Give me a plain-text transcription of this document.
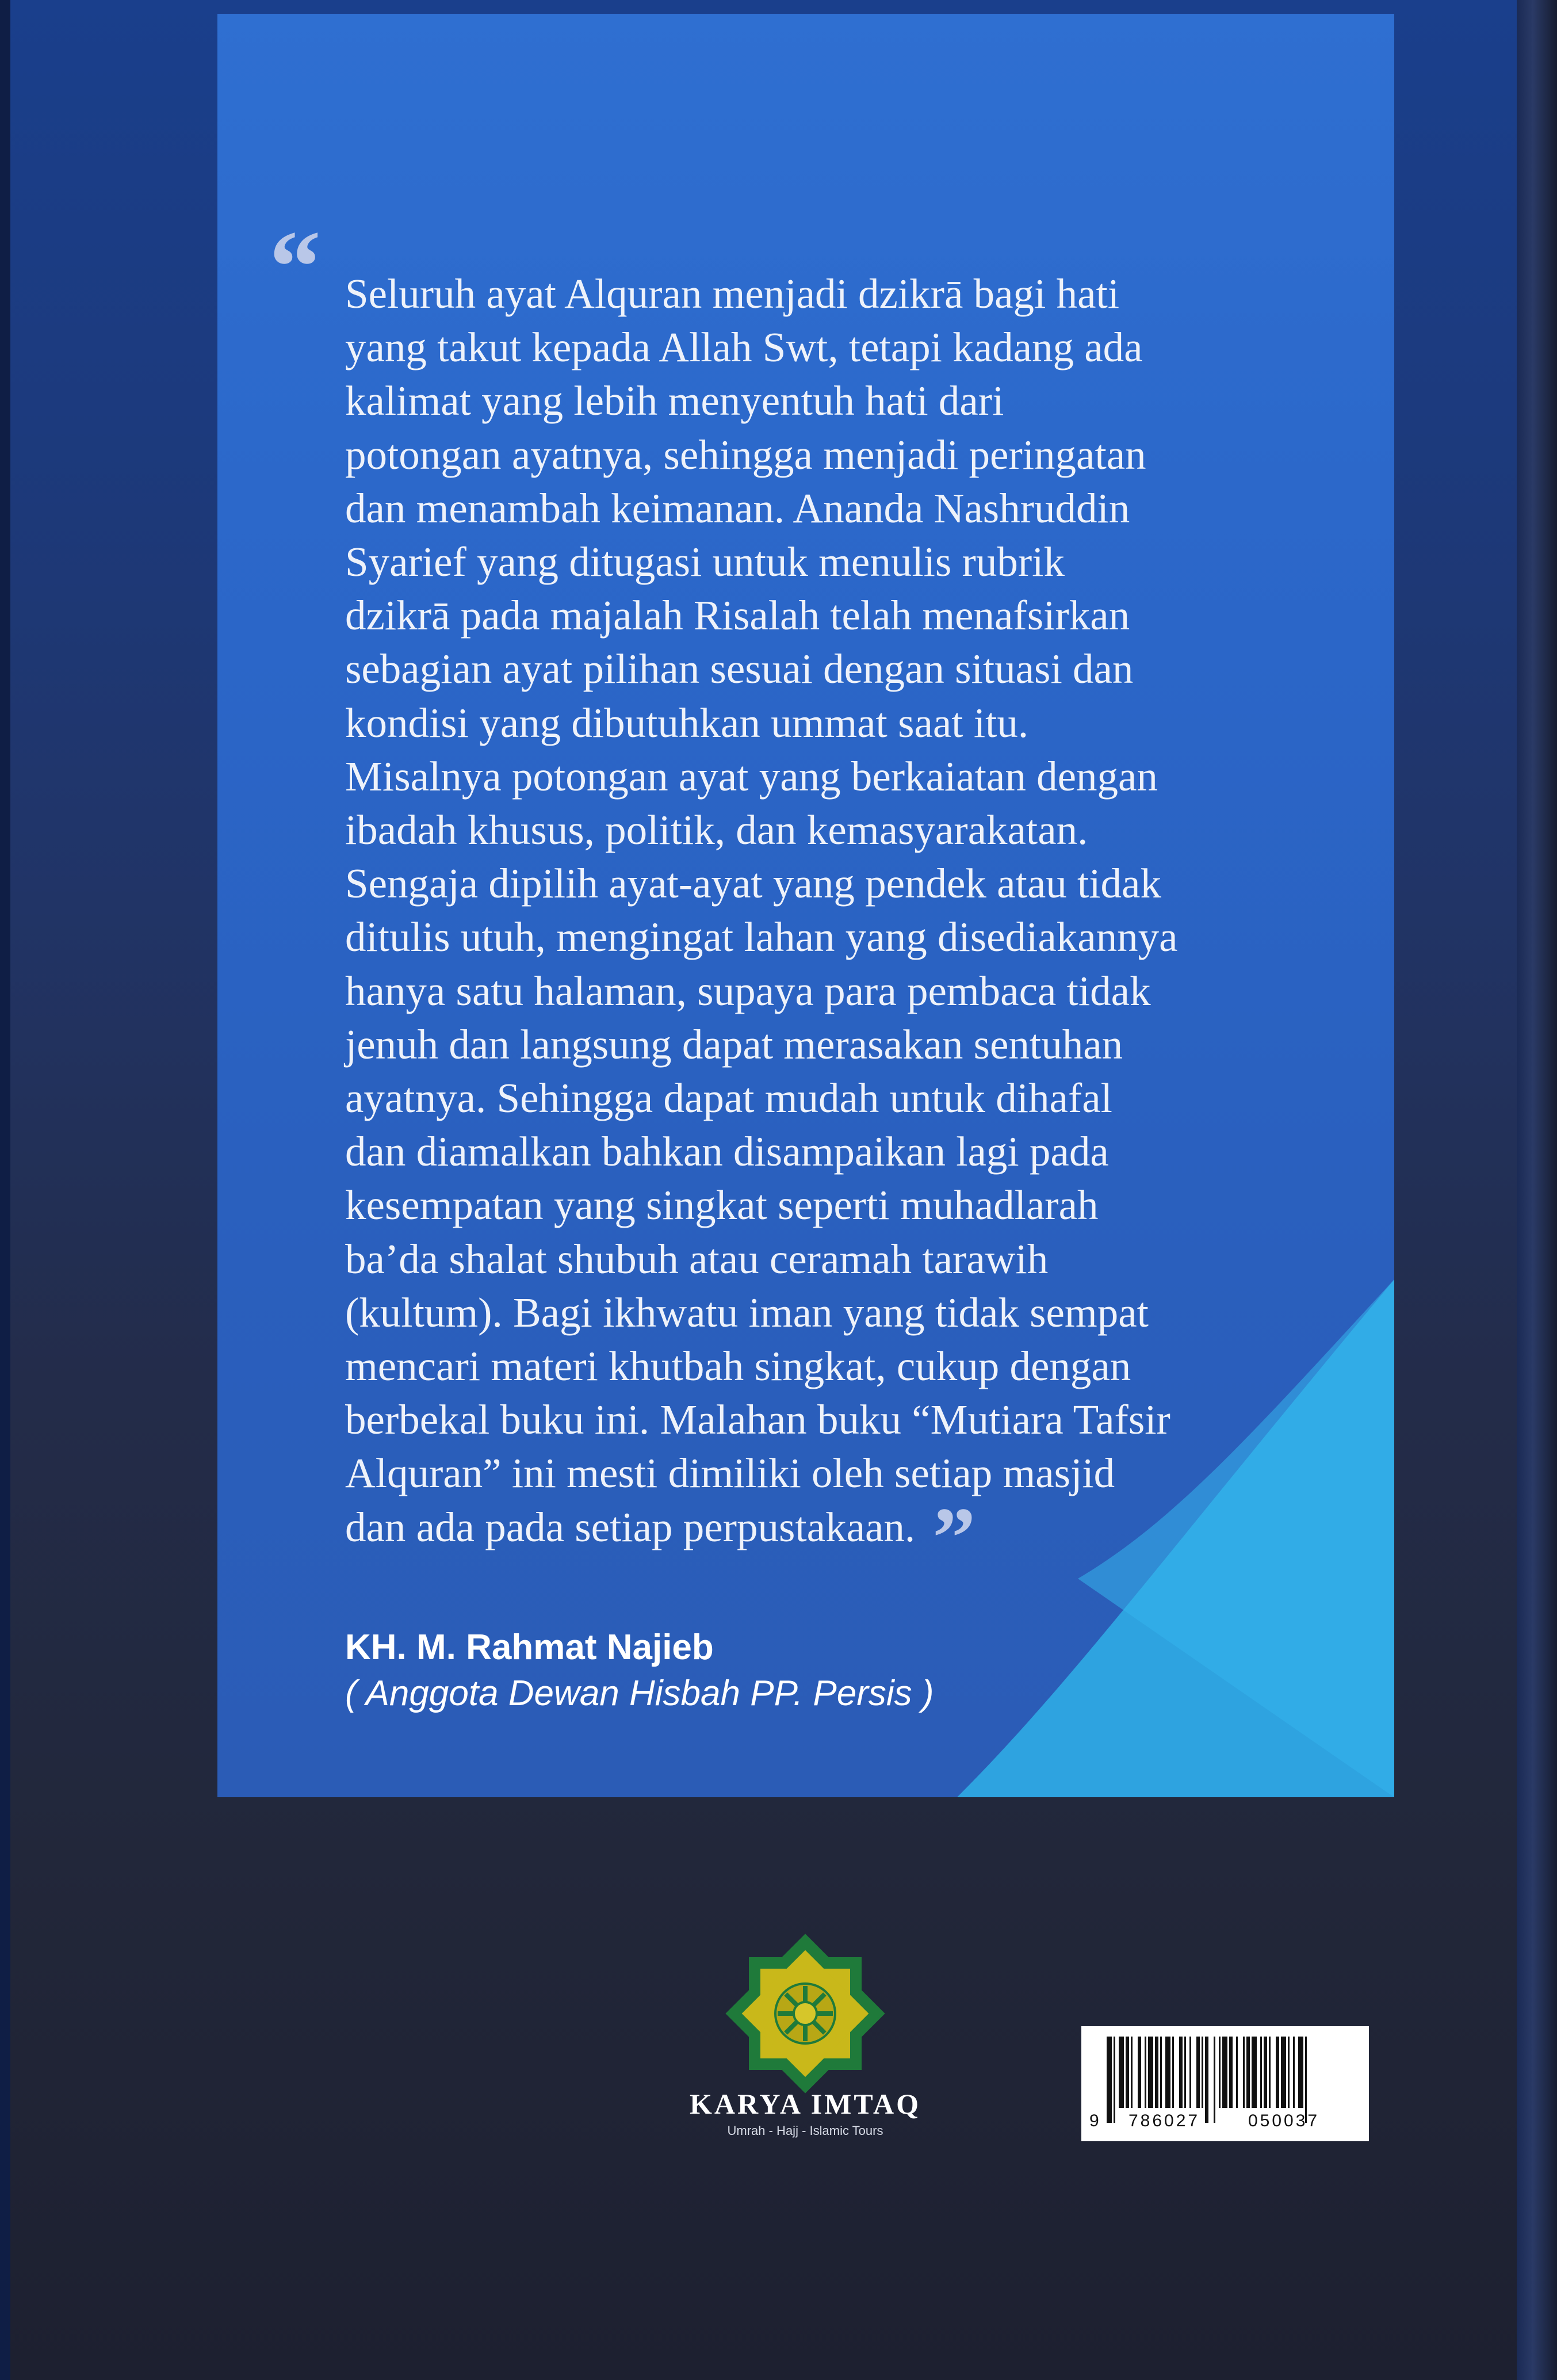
“ Seluruh ayat Alquran menjadi dzikrā bagi hati
yang takut kepada Allah Swt, tetapi kadang ada
kalimat yang lebih menyentuh hati dari
potongan ayatnya, sehingga menjadi peringatan
dan menambah keimanan. Ananda Nashruddin
Syarief yang ditugasi untuk menulis rubrik
dzikrā pada majalah Risalah telah menafsirkan
sebagian ayat pilihan sesuai dengan situasi dan
kondisi yang dibutuhkan ummat saat itu.
Misalnya potongan ayat yang berkaiatan dengan
ibadah khusus, politik, dan kemasyarakatan.
Sengaja dipilih ayat-ayat yang pendek atau tidak
ditulis utuh, mengingat lahan yang disediakannya
hanya satu halaman, supaya para pembaca tidak
jenuh dan langsung dapat merasakan sentuhan
ayatnya. Sehingga dapat mudah untuk dihafal
dan diamalkan bahkan disampaikan lagi pada
kesempatan yang singkat seperti muhadlarah
ba’da shalat shubuh atau ceramah tarawih
(kultum). Bagi ikhwatu iman yang tidak sempat
mencari materi khutbah singkat, cukup dengan
berbekal buku ini. Malahan buku “Mutiara Tafsir
Alquran” ini mesti dimiliki oleh setiap masjid
dan ada pada setiap perpustakaan. ”

KH. M. Rahmat Najieb
( Anggota Dewan Hisbah PP. Persis )
KARYA IMTAQ
Umrah - Hajj - Islamic Tours
9 786027	050037
